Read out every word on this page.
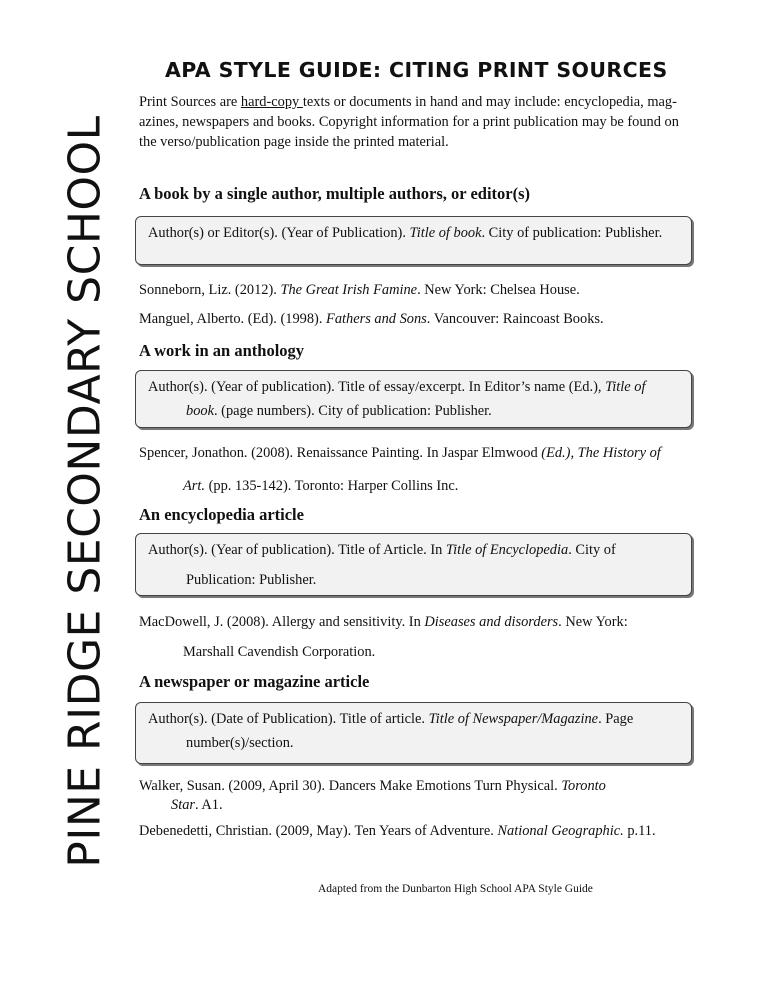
PINE RIDGE SECONDARY SCHOOL
APA STYLE GUIDE: CITING PRINT SOURCES
Print Sources are hard-copy texts or documents in hand and may include: encyclopedia, mag-
azines, newspapers and books. Copyright information for a print publication may be found on
the verso/publication page inside the printed material.
A book by a single author, multiple authors, or editor(s)
Author(s) or Editor(s). (Year of Publication). Title of book. City of publication: Publisher.
Sonneborn, Liz. (2012). The Great Irish Famine. New York: Chelsea House.
Manguel, Alberto. (Ed). (1998). Fathers and Sons. Vancouver: Raincoast Books.
A work in an anthology
Author(s). (Year of publication). Title of essay/excerpt. In Editor’s name (Ed.), Title of
book. (page numbers). City of publication: Publisher.
Spencer, Jonathon. (2008). Renaissance Painting. In Jaspar Elmwood (Ed.), The History of
Art. (pp. 135-142). Toronto: Harper Collins Inc.
An encyclopedia article
Author(s). (Year of publication). Title of Article. In Title of Encyclopedia. City of
Publication: Publisher.
MacDowell, J. (2008). Allergy and sensitivity. In Diseases and disorders. New York:
Marshall Cavendish Corporation.
A newspaper or magazine article
Author(s). (Date of Publication). Title of article. Title of Newspaper/Magazine. Page
number(s)/section.
Walker, Susan. (2009, April 30). Dancers Make Emotions Turn Physical. Toronto
Star. A1.
Debenedetti, Christian. (2009, May). Ten Years of Adventure. National Geographic. p.11.
Adapted from the Dunbarton High School APA Style Guide
